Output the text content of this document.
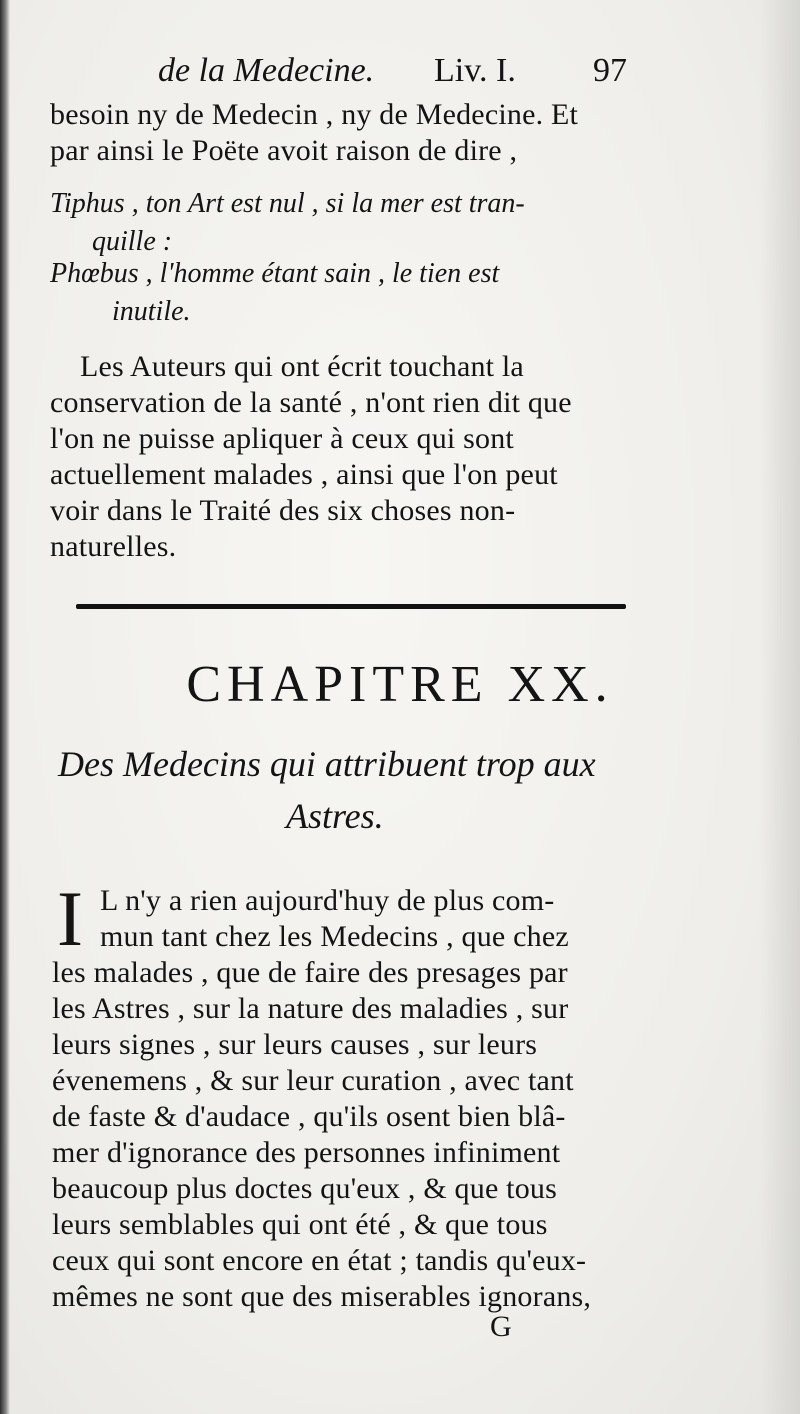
de la Medecine. Liv. I. 97
besoin ny de Medecin , ny de Medecine. Et
par ainsi le Poëte avoit raison de dire ,
Tiphus , ton Art est nul , si la mer est tran-
quille :
Phœbus , l'homme étant sain , le tien est
inutile.
Les Auteurs qui ont écrit touchant la
conservation de la santé , n'ont rien dit que
l'on ne puisse apliquer à ceux qui sont
actuellement malades , ainsi que l'on peut
voir dans le Traité des six choses non-
naturelles.
CHAPITRE XX.
Des Medecins qui attribuent trop aux
Astres.
I L n'y a rien aujourd'huy de plus com-
mun tant chez les Medecins , que chez
les malades , que de faire des presages par
les Astres , sur la nature des maladies , sur
leurs signes , sur leurs causes , sur leurs
évenemens , & sur leur curation , avec tant
de faste & d'audace , qu'ils osent bien blâ-
mer d'ignorance des personnes infiniment
beaucoup plus doctes qu'eux , & que tous
leurs semblables qui ont été , & que tous
ceux qui sont encore en état ; tandis qu'eux-
mêmes ne sont que des miserables ignorans,
G
